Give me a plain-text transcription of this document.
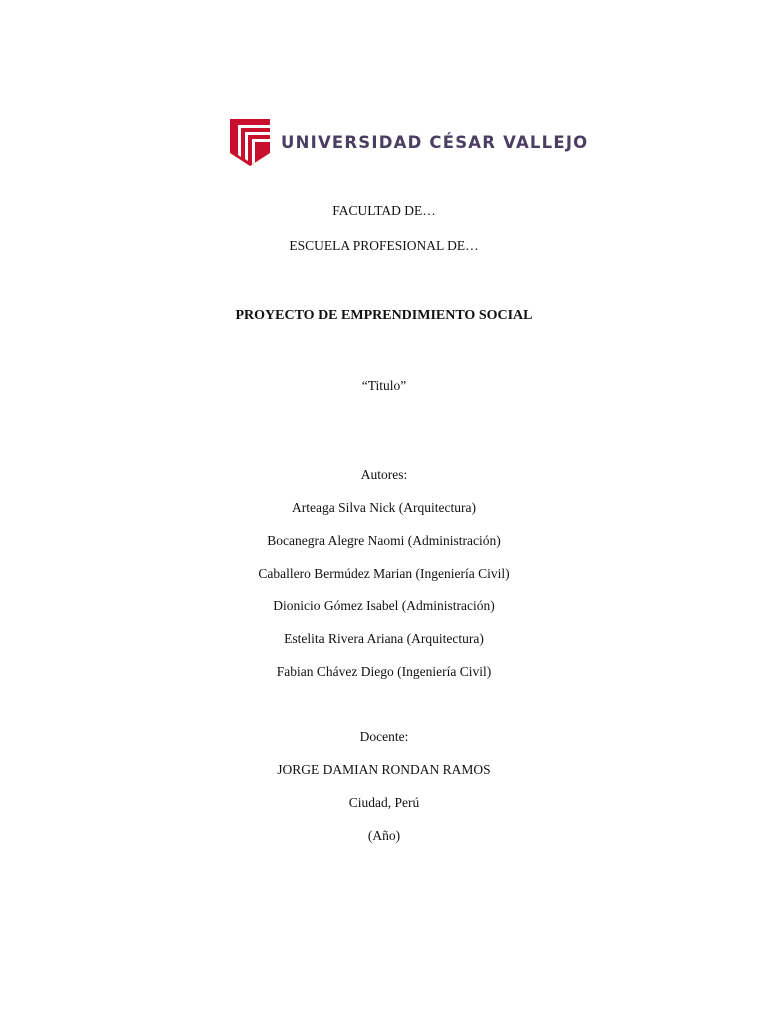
UNIVERSIDAD CÉSAR VALLEJO
FACULTAD DE…
ESCUELA PROFESIONAL DE…
PROYECTO DE EMPRENDIMIENTO SOCIAL
“Titulo”
Autores:
Arteaga Silva Nick (Arquitectura)
Bocanegra Alegre Naomi (Administración)
Caballero Bermúdez Marian (Ingeniería Civil)
Dionicio Gómez Isabel (Administración)
Estelita Rivera Ariana (Arquitectura)
Fabian Chávez Diego (Ingeniería Civil)
Docente:
JORGE DAMIAN RONDAN RAMOS
Ciudad, Perú
(Año)
